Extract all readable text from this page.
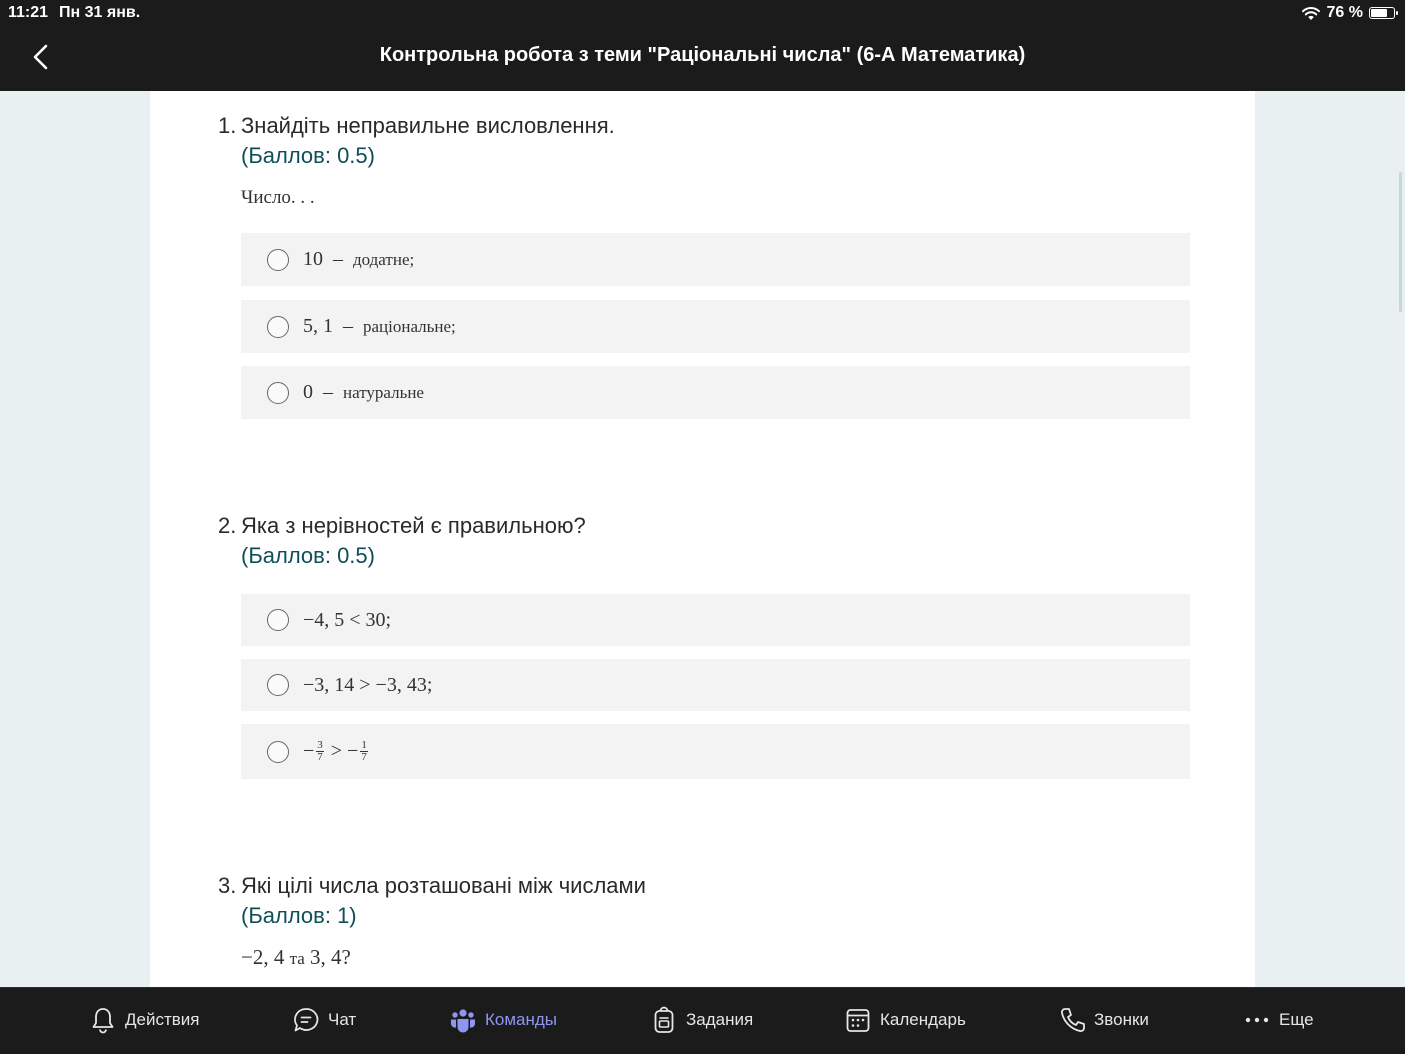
11:21 Пн 31 янв.	76 %
Контрольна робота з теми "Раціональні числа" (6-А Математика)
1. Знайдіть неправильне висловлення.
(Баллов: 0.5)
Число. . .
10 – додатне;
5, 1 – раціональне;
0 – натуральне
2. Яка з нерівностей є правильною?
(Баллов: 0.5)
−4, 5 < 30;
−3, 14 > −3, 43;
− $\frac{3}{7}$ > − $\frac{1}{7}$
3. Які цілі числа розташовані між числами
(Баллов: 1)
−2, 4 та 3, 4?
Действия	Чат	Команды	Задания	Календарь	Звонки	Еще
